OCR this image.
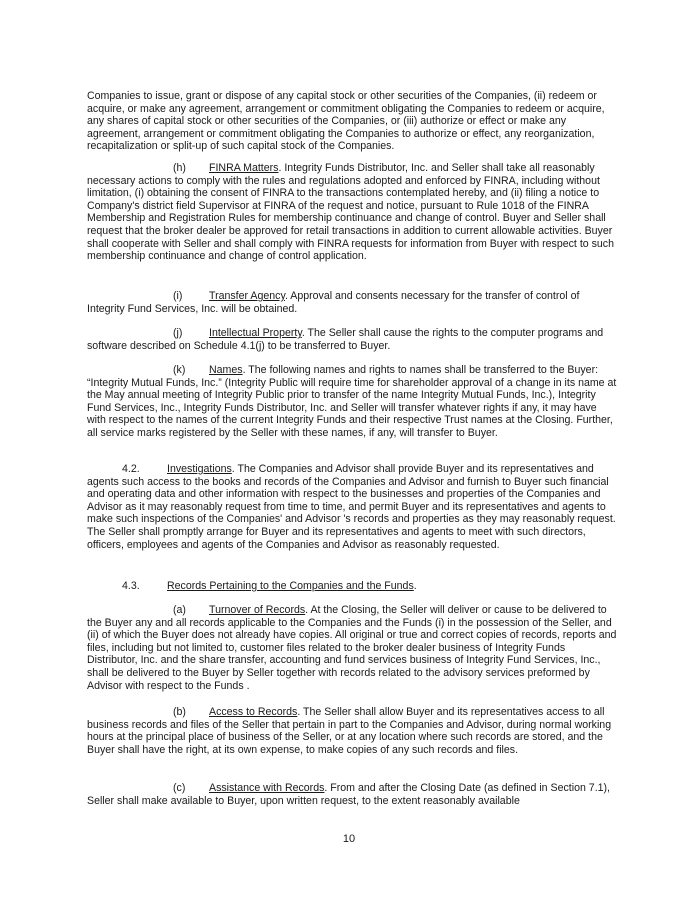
Companies to issue, grant or dispose of any capital stock or other securities of the Companies, (ii) redeem or acquire, or make any agreement, arrangement or commitment obligating the Companies to redeem or acquire, any shares of capital stock or other securities of the Companies, or (iii) authorize or effect or make any agreement, arrangement or commitment obligating the Companies to authorize or effect, any reorganization, recapitalization or split-up of such capital stock of the Companies.

(h) FINRA Matters. Integrity Funds Distributor, Inc. and Seller shall take all reasonably necessary actions to comply with the rules and regulations adopted and enforced by FINRA, including without limitation, (i) obtaining the consent of FINRA to the transactions contemplated hereby, and (ii) filing a notice to Company's district field Supervisor at FINRA of the request and notice, pursuant to Rule 1018 of the FINRA Membership and Registration Rules for membership continuance and change of control. Buyer and Seller shall request that the broker dealer be approved for retail transactions in addition to current allowable activities. Buyer shall cooperate with Seller and shall comply with FINRA requests for information from Buyer with respect to such membership continuance and change of control application.

(i)	Transfer Agency. Approval and consents necessary for the transfer of control of Integrity Fund Services, Inc. will be obtained.

(j)	Intellectual Property. The Seller shall cause the rights to the computer programs and software described on Schedule 4.1(j) to be transferred to Buyer.

(k) Names. The following names and rights to names shall be transferred to the Buyer: “Integrity Mutual Funds, Inc.” (Integrity Public will require time for shareholder approval of a change in its name at the May annual meeting of Integrity Public prior to transfer of the name Integrity Mutual Funds, Inc.), Integrity Fund Services, Inc., Integrity Funds Distributor, Inc. and Seller will transfer whatever rights if any, it may have with respect to the names of the current Integrity Funds and their respective Trust names at the Closing. Further, all service marks registered by the Seller with these names, if any, will transfer to Buyer.

4.2.	Investigations. The Companies and Advisor shall provide Buyer and its representatives and agents such access to the books and records of the Companies and Advisor and furnish to Buyer such financial and operating data and other information with respect to the businesses and properties of the Companies and Advisor as it may reasonably request from time to time, and permit Buyer and its representatives and agents to make such inspections of the Companies' and Advisor 's records and properties as they may reasonably request. The Seller shall promptly arrange for Buyer and its representatives and agents to meet with such directors, officers, employees and agents of the Companies and Advisor as reasonably requested.

4.3.	Records Pertaining to the Companies and the Funds.

(a) Turnover of Records. At the Closing, the Seller will deliver or cause to be delivered to the Buyer any and all records applicable to the Companies and the Funds (i) in the possession of the Seller, and (ii) of which the Buyer does not already have copies. All original or true and correct copies of records, reports and files, including but not limited to, customer files related to the broker dealer business of Integrity Funds Distributor, Inc. and the share transfer, accounting and fund services business of Integrity Fund Services, Inc., shall be delivered to the Buyer by Seller together with records related to the advisory services preformed by Advisor with respect to the Funds .

(b) Access to Records. The Seller shall allow Buyer and its representatives access to all business records and files of the Seller that pertain in part to the Companies and Advisor, during normal working hours at the principal place of business of the Seller, or at any location where such records are stored, and the Buyer shall have the right, at its own expense, to make copies of any such records and files.

(c) Assistance with Records. From and after the Closing Date (as defined in Section 7.1), Seller shall make available to Buyer, upon written request, to the extent reasonably available

10
